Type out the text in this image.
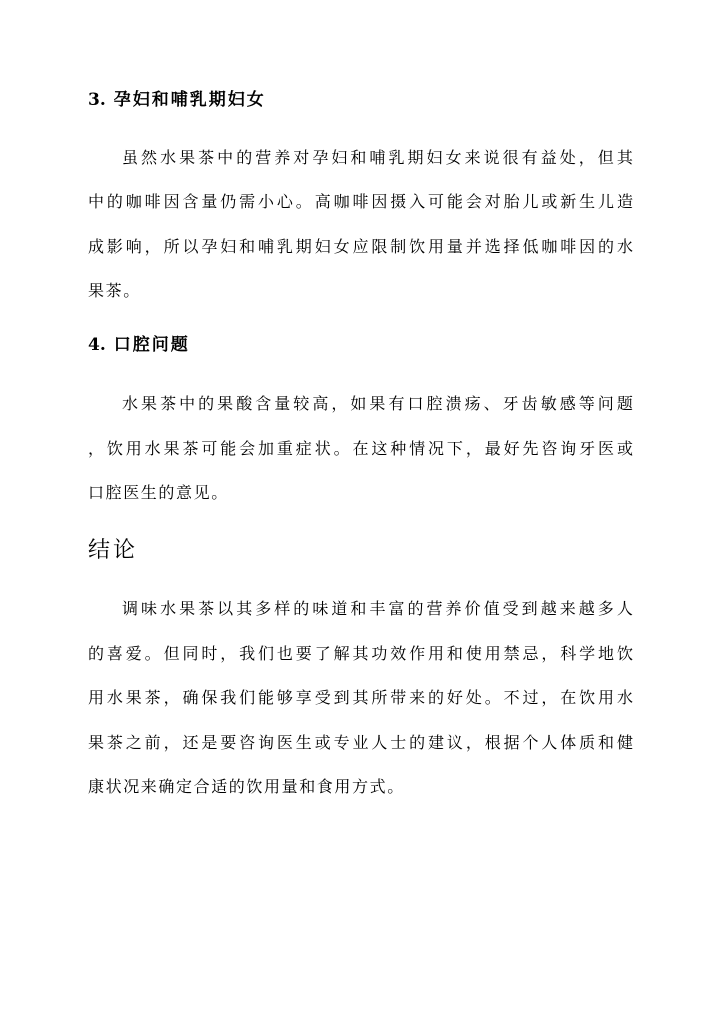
3. 孕妇和哺乳期妇女
虽 然 水 果 茶 中 的 营 养 对 孕 妇 和 哺 乳 期 妇 女 来 说 很 有 益 处 ， 但 其
中 的 咖 啡 因 含 量 仍 需 小 心 。 高 咖 啡 因 摄 入 可 能 会 对 胎 儿 或 新 生 儿 造
成 影 响 ， 所 以 孕 妇 和 哺 乳 期 妇 女 应 限 制 饮 用 量 并 选 择 低 咖 啡 因 的 水
果茶。
4. 口腔问题
水 果 茶 中 的 果 酸 含 量 较 高 ， 如 果 有 口 腔 溃 疡 、 牙 齿 敏 感 等 问 题
， 饮 用 水 果 茶 可 能 会 加 重 症 状 。 在 这 种 情 况 下 ， 最 好 先 咨 询 牙 医 或
口腔医生的意见。
结论
调 味 水 果 茶 以 其 多 样 的 味 道 和 丰 富 的 营 养 价 值 受 到 越 来 越 多 人
的 喜 爱 。 但 同 时 ， 我 们 也 要 了 解 其 功 效 作 用 和 使 用 禁 忌 ， 科 学 地 饮
用 水 果 茶 ， 确 保 我 们 能 够 享 受 到 其 所 带 来 的 好 处 。 不 过 ， 在 饮 用 水
果 茶 之 前 ， 还 是 要 咨 询 医 生 或 专 业 人 士 的 建 议 ， 根 据 个 人 体 质 和 健
康状况来确定合适的饮用量和食用方式。
